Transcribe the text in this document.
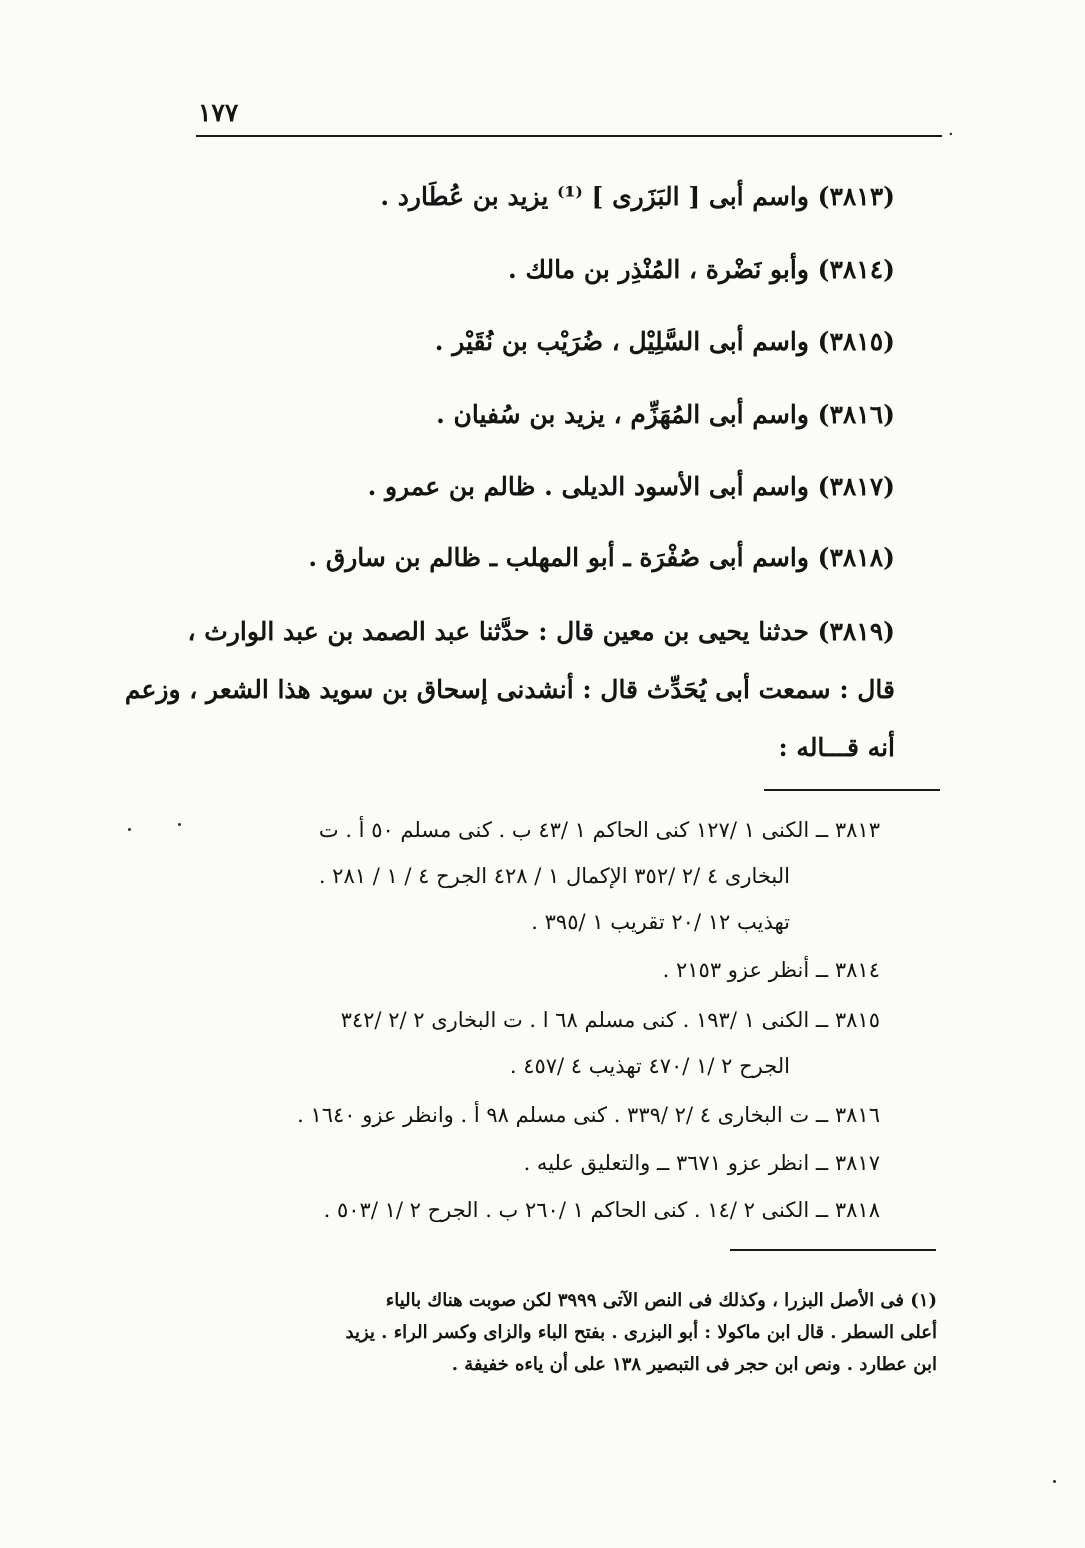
١٧٧
·
(٣٨١٣) واسم أبى [ البَزَرى ] ⁽¹⁾ يزيد بن عُطَارد .
(٣٨١٤) وأبو نَضْرة ، المُنْذِر بن مالك .
(٣٨١٥) واسم أبى السَّلِيْل ، ضُرَيْب بن نُقَيْر .
(٣٨١٦) واسم أبى المُهَزِّم ، يزيد بن سُفيان .
(٣٨١٧) واسم أبى الأسود الديلى . ظالم بن عمرو .
(٣٨١٨) واسم أبى صُفْرَة ـ أبو المهلب ـ ظالم بن سارق .
(٣٨١٩) حدثنا يحيى بن معين قال : حدَّثنا عبد الصمد بن عبد الوارث ،
قال : سمعت أبى يُحَدِّث قال : أنشدنى إسحاق بن سويد هذا الشعر ، وزعم
أنه قـــاله :
٣٨١٣ ــ الكنى ١ /١٢٧ كنى الحاكم ١ /٤٣ ب . كنى مسلم ٥٠ أ . ت
البخارى ٤ /٢ /٣٥٢ الإكمال ١ / ٤٢٨ الجرح ٤ / ١ / ٢٨١ .
تهذيب ١٢ /٢٠ تقريب ١ /٣٩٥ .
٣٨١٤ ــ أنظر عزو ٢١٥٣ .
٣٨١٥ ــ الكنى ١ /١٩٣ . كنى مسلم ٦٨ ا . ت البخارى ٢ /٢ /٣٤٢
الجرح ٢ /١ /٤٧٠ تهذيب ٤ /٤٥٧ .
٣٨١٦ ــ ت البخارى ٤ /٢ /٣٣٩ . كنى مسلم ٩٨ أ . وانظر عزو ١٦٤٠ .
٣٨١٧ ــ انظر عزو ٣٦٧١ ــ والتعليق عليه .
٣٨١٨ ــ الكنى ٢ /١٤ . كنى الحاكم ١ /٢٦٠ ب . الجرح ٢ /١ /٥٠٣ .
(١) فى الأصل البزرا ، وكذلك فى النص الآتى ٣٩٩٩ لكن صوبت هناك بالياء
أعلى السطر . قال ابن ماكولا : أبو البزرى . بفتح الباء والزاى وكسر الراء . يزيد
ابن عطارد . ونص ابن حجر فى التبصير ١٣٨ على أن ياءه خفيفة .
